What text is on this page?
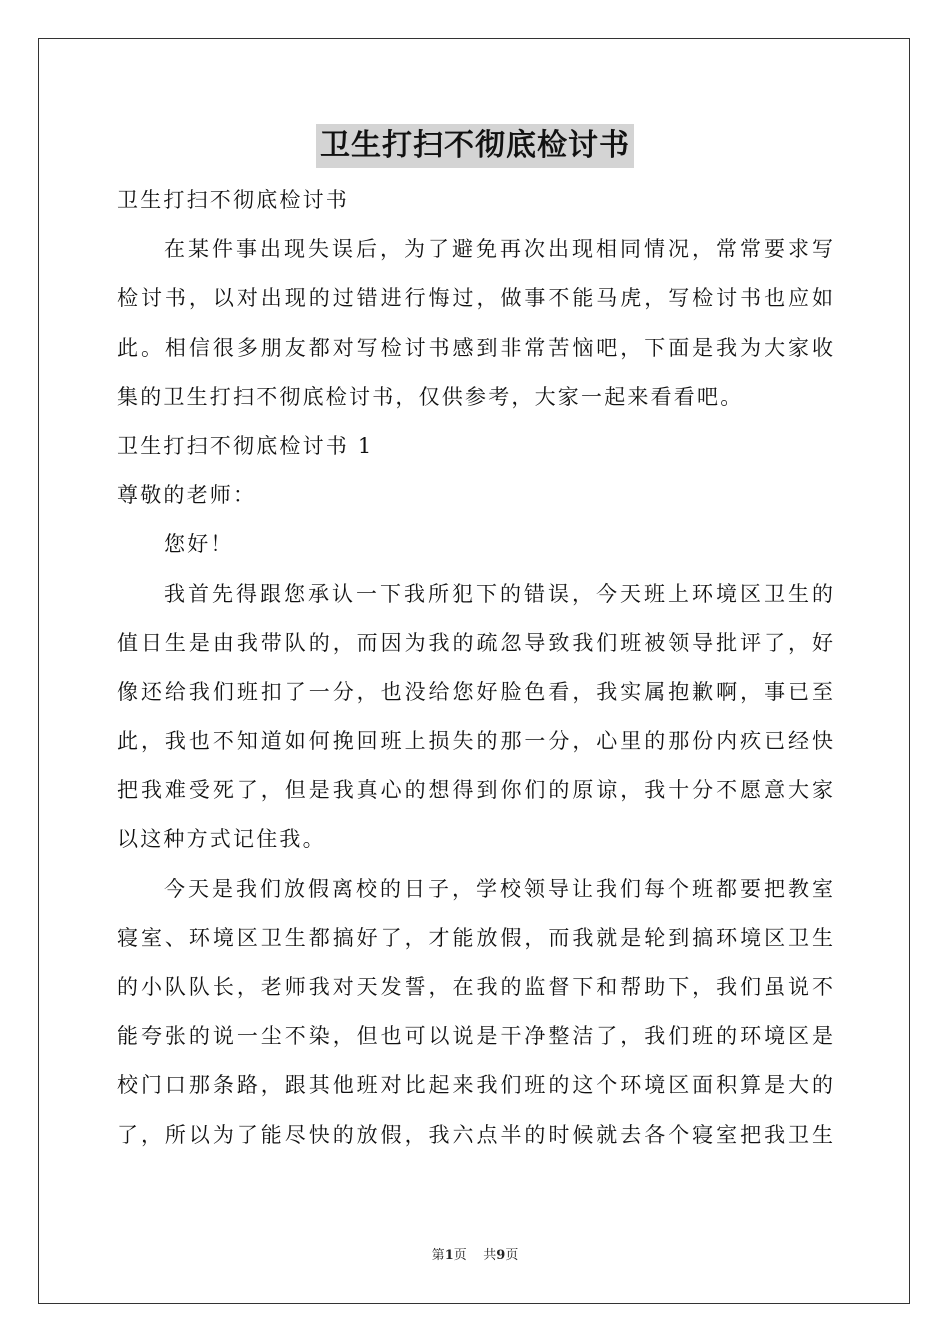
卫生打扫不彻底检讨书
卫生打扫不彻底检讨书
在某件事出现失误后，为了避免再次出现相同情况，常常要求写
检讨书，以对出现的过错进行悔过，做事不能马虎，写检讨书也应如
此。相信很多朋友都对写检讨书感到非常苦恼吧，下面是我为大家收
集的卫生打扫不彻底检讨书，仅供参考，大家一起来看看吧。
卫生打扫不彻底检讨书 1
尊敬的老师：
您好！
我首先得跟您承认一下我所犯下的错误，今天班上环境区卫生的
值日生是由我带队的，而因为我的疏忽导致我们班被领导批评了，好
像还给我们班扣了一分，也没给您好脸色看，我实属抱歉啊，事已至
此，我也不知道如何挽回班上损失的那一分，心里的那份内疚已经快
把我难受死了，但是我真心的想得到你们的原谅，我十分不愿意大家
以这种方式记住我。
今天是我们放假离校的日子，学校领导让我们每个班都要把教室
寝室、环境区卫生都搞好了，才能放假，而我就是轮到搞环境区卫生
的小队队长，老师我对天发誓，在我的监督下和帮助下，我们虽说不
能夸张的说一尘不染，但也可以说是干净整洁了，我们班的环境区是
校门口那条路，跟其他班对比起来我们班的这个环境区面积算是大的
了，所以为了能尽快的放假，我六点半的时候就去各个寝室把我卫生
第1页    共9页
